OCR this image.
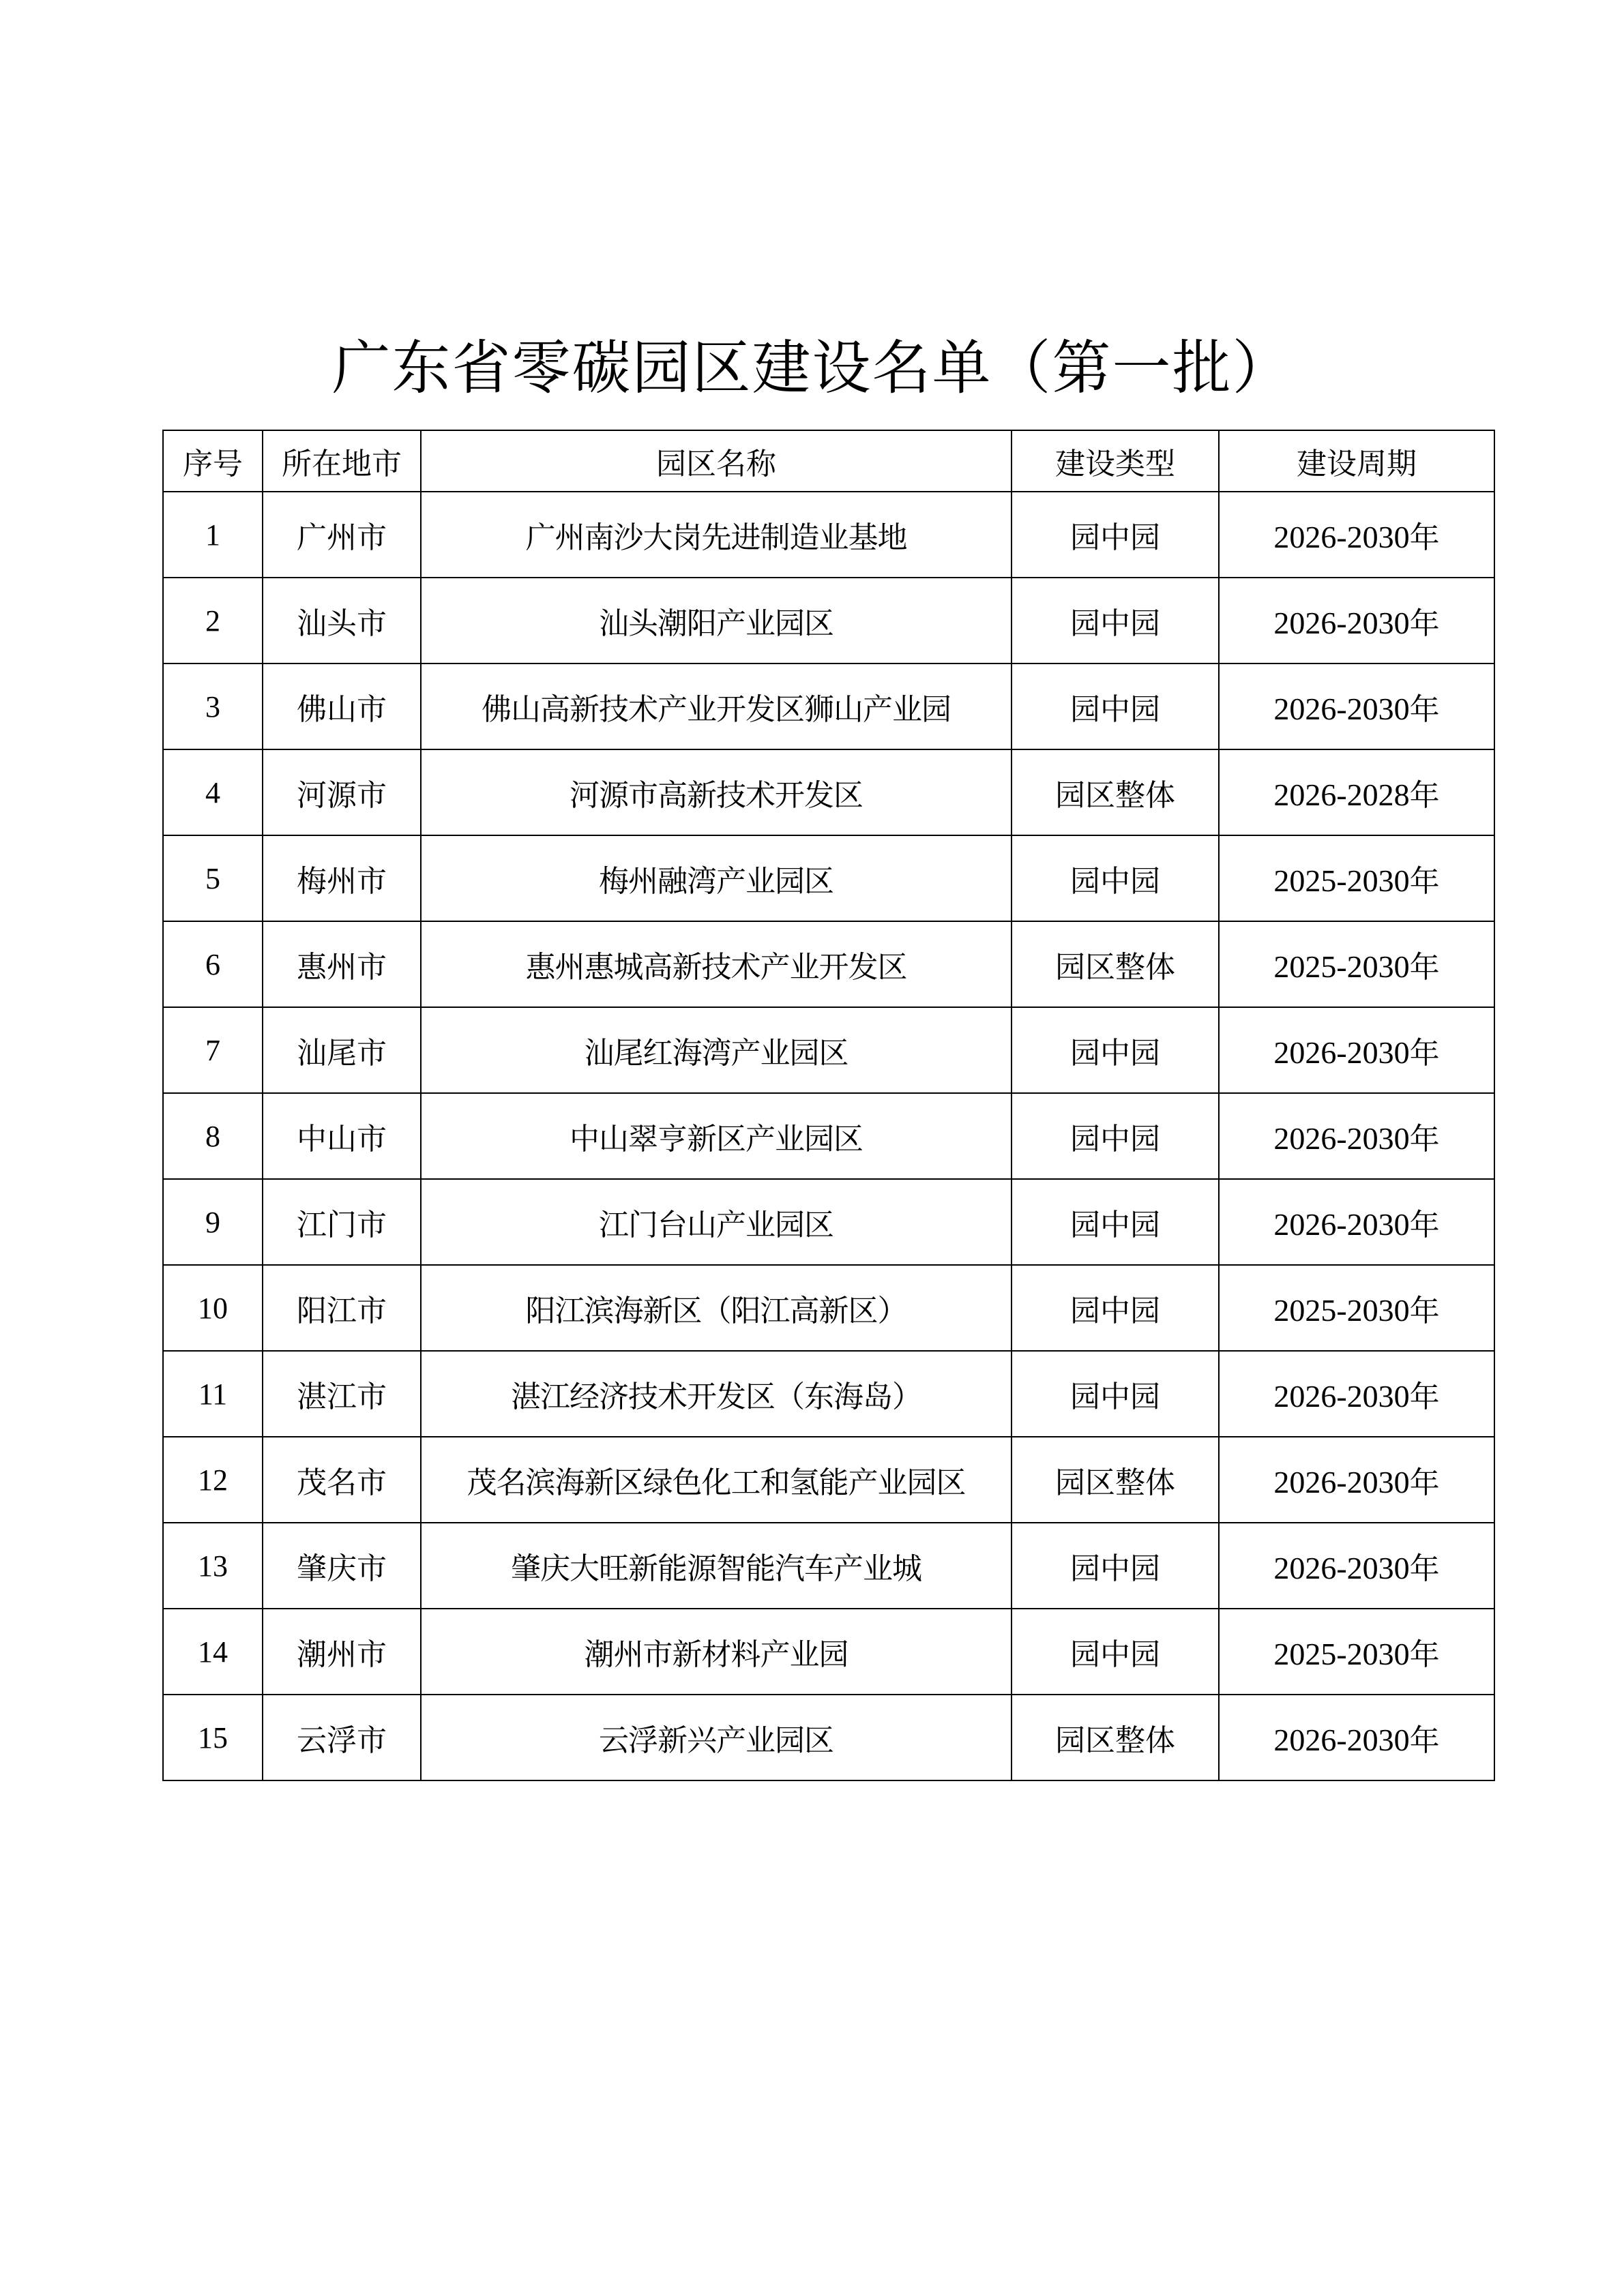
广东省零碳园区建设名单（第一批）
序号	所在地市	园区名称	建设类型	建设周期
1	广州市	广州南沙大岗先进制造业基地	园中园	2026-2030年
2	汕头市	汕头潮阳产业园区	园中园	2026-2030年
3	佛山市	佛山高新技术产业开发区狮山产业园	园中园	2026-2030年
4	河源市	河源市高新技术开发区	园区整体	2026-2028年
5	梅州市	梅州融湾产业园区	园中园	2025-2030年
6	惠州市	惠州惠城高新技术产业开发区	园区整体	2025-2030年
7	汕尾市	汕尾红海湾产业园区	园中园	2026-2030年
8	中山市	中山翠亨新区产业园区	园中园	2026-2030年
9	江门市	江门台山产业园区	园中园	2026-2030年
10	阳江市	阳江滨海新区（阳江高新区）	园中园	2025-2030年
11	湛江市	湛江经济技术开发区（东海岛）	园中园	2026-2030年
12	茂名市	茂名滨海新区绿色化工和氢能产业园区	园区整体	2026-2030年
13	肇庆市	肇庆大旺新能源智能汽车产业城	园中园	2026-2030年
14	潮州市	潮州市新材料产业园	园中园	2025-2030年
15	云浮市	云浮新兴产业园区	园区整体	2026-2030年
